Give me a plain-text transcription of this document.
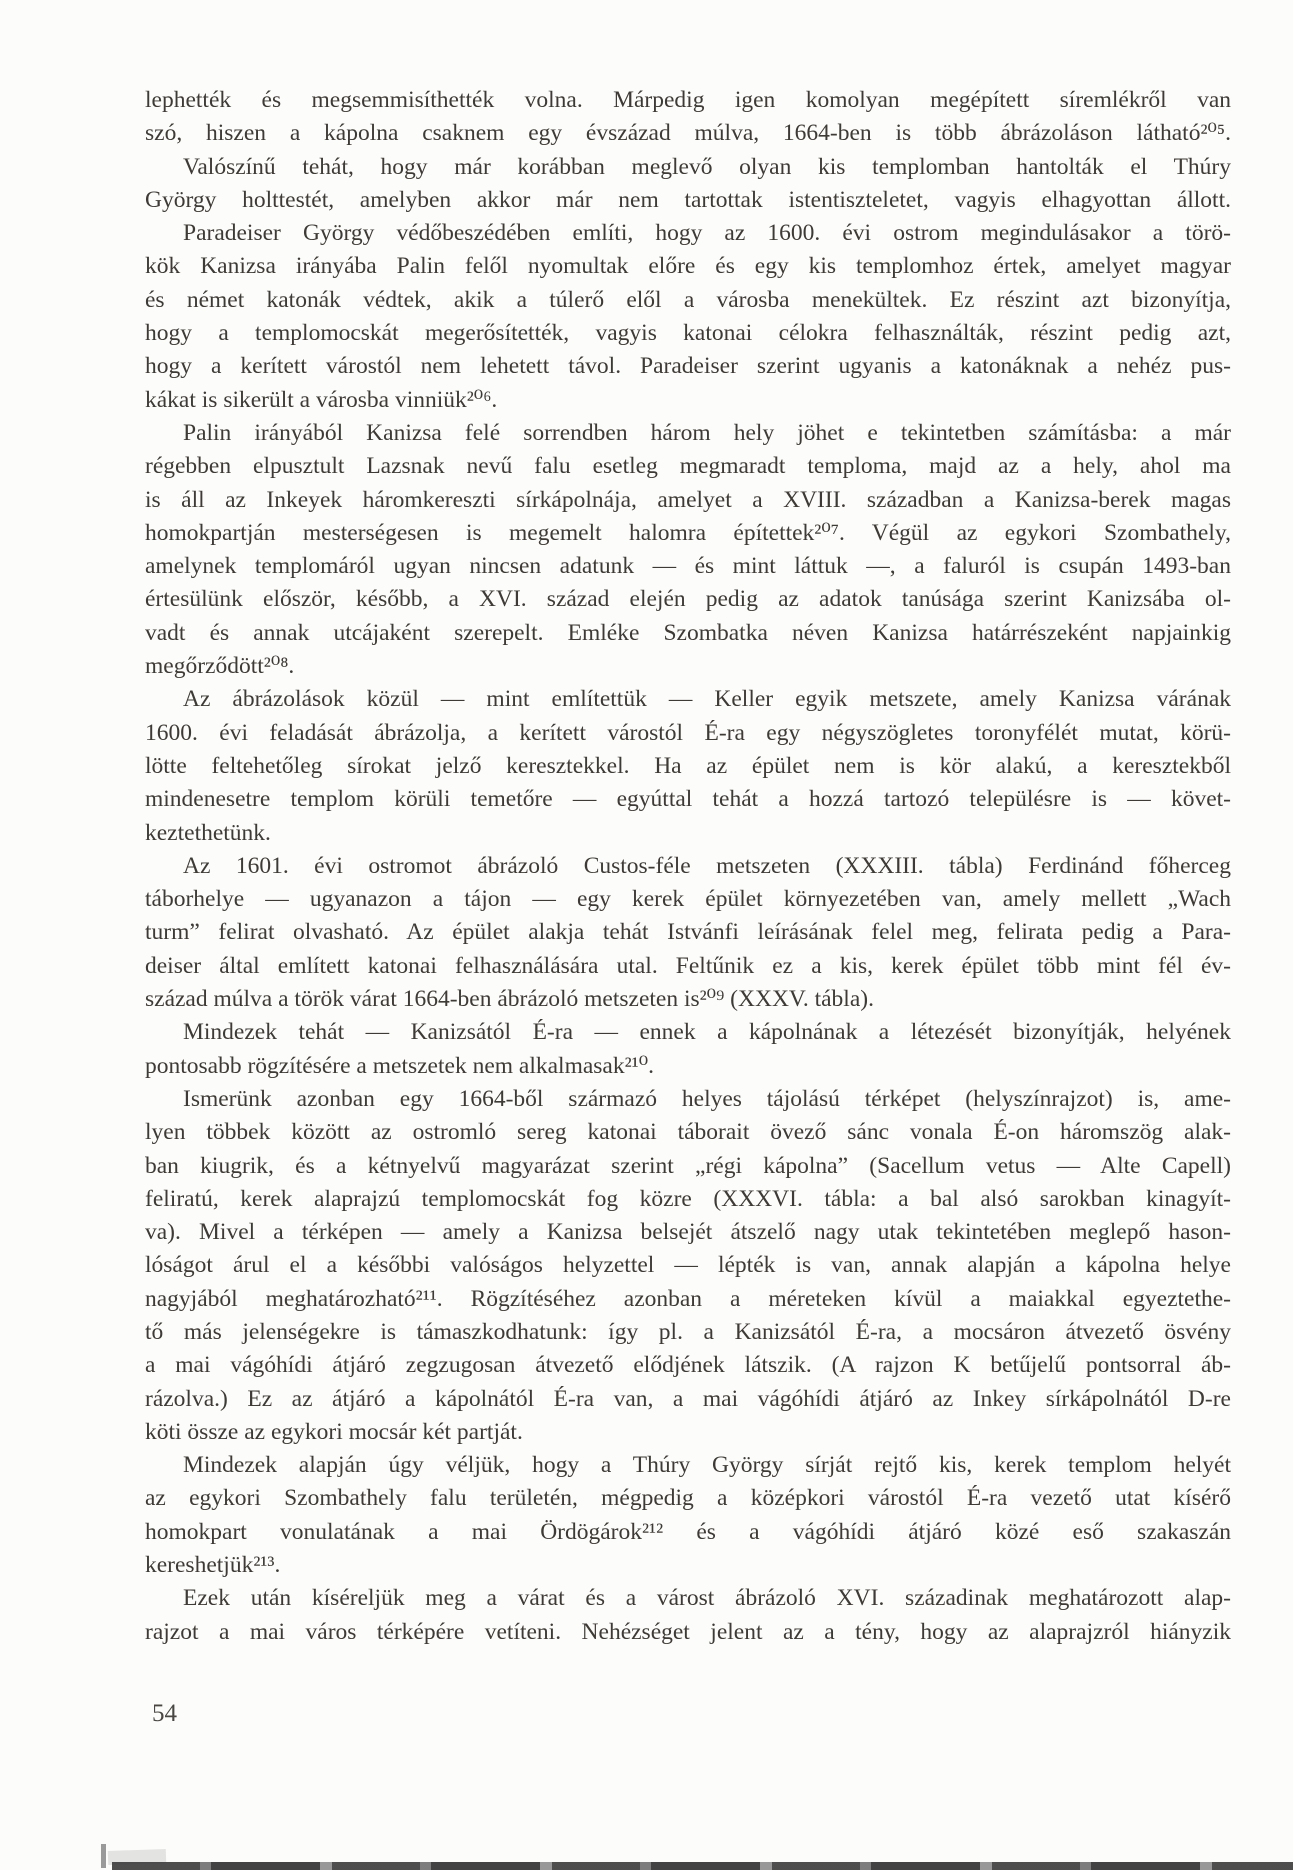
lephették és megsemmisíthették volna. Márpedig igen komolyan megépített síremlékről van
szó, hiszen a kápolna csaknem egy évszázad múlva, 1664-ben is több ábrázoláson látható²⁰⁵.
Valószínű tehát, hogy már korábban meglevő olyan kis templomban hantolták el Thúry
György holttestét, amelyben akkor már nem tartottak istentiszteletet, vagyis elhagyottan állott.
Paradeiser György védőbeszédében említi, hogy az 1600. évi ostrom megindulásakor a törö-
kök Kanizsa irányába Palin felől nyomultak előre és egy kis templomhoz értek, amelyet magyar
és német katonák védtek, akik a túlerő elől a városba menekültek. Ez részint azt bizonyítja,
hogy a templomocskát megerősítették, vagyis katonai célokra felhasználták, részint pedig azt,
hogy a kerített várostól nem lehetett távol. Paradeiser szerint ugyanis a katonáknak a nehéz pus-
kákat is sikerült a városba vinniük²⁰⁶.
Palin irányából Kanizsa felé sorrendben három hely jöhet e tekintetben számításba: a már
régebben elpusztult Lazsnak nevű falu esetleg megmaradt temploma, majd az a hely, ahol ma
is áll az Inkeyek háromkereszti sírkápolnája, amelyet a XVIII. században a Kanizsa-berek magas
homokpartján mesterségesen is megemelt halomra építettek²⁰⁷. Végül az egykori Szombathely,
amelynek templomáról ugyan nincsen adatunk — és mint láttuk —, a faluról is csupán 1493-ban
értesülünk először, később, a XVI. század elején pedig az adatok tanúsága szerint Kanizsába ol-
vadt és annak utcájaként szerepelt. Emléke Szombatka néven Kanizsa határrészeként napjainkig
megőrződött²⁰⁸.
Az ábrázolások közül — mint említettük — Keller egyik metszete, amely Kanizsa várának
1600. évi feladását ábrázolja, a kerített várostól É-ra egy négyszögletes toronyfélét mutat, körü-
lötte feltehetőleg sírokat jelző keresztekkel. Ha az épület nem is kör alakú, a keresztekből
mindenesetre templom körüli temetőre — egyúttal tehát a hozzá tartozó településre is — követ-
keztethetünk.
Az 1601. évi ostromot ábrázoló Custos-féle metszeten (XXXIII. tábla) Ferdinánd főherceg
táborhelye — ugyanazon a tájon — egy kerek épület környezetében van, amely mellett „Wach
turm” felirat olvasható. Az épület alakja tehát Istvánfi leírásának felel meg, felirata pedig a Para-
deiser által említett katonai felhasználására utal. Feltűnik ez a kis, kerek épület több mint fél év-
század múlva a török várat 1664-ben ábrázoló metszeten is²⁰⁹ (XXXV. tábla).
Mindezek tehát — Kanizsától É-ra — ennek a kápolnának a létezését bizonyítják, helyének
pontosabb rögzítésére a metszetek nem alkalmasak²¹⁰.
Ismerünk azonban egy 1664-ből származó helyes tájolású térképet (helyszínrajzot) is, ame-
lyen többek között az ostromló sereg katonai táborait övező sánc vonala É-on háromszög alak-
ban kiugrik, és a kétnyelvű magyarázat szerint „régi kápolna” (Sacellum vetus — Alte Capell)
feliratú, kerek alaprajzú templomocskát fog közre (XXXVI. tábla: a bal alsó sarokban kinagyít-
va). Mivel a térképen — amely a Kanizsa belsejét átszelő nagy utak tekintetében meglepő hason-
lóságot árul el a későbbi valóságos helyzettel — lépték is van, annak alapján a kápolna helye
nagyjából meghatározható²¹¹. Rögzítéséhez azonban a méreteken kívül a maiakkal egyeztethe-
tő más jelenségekre is támaszkodhatunk: így pl. a Kanizsától É-ra, a mocsáron átvezető ösvény
a mai vágóhídi átjáró zegzugosan átvezető elődjének látszik. (A rajzon K betűjelű pontsorral áb-
rázolva.) Ez az átjáró a kápolnától É-ra van, a mai vágóhídi átjáró az Inkey sírkápolnától D-re
köti össze az egykori mocsár két partját.
Mindezek alapján úgy véljük, hogy a Thúry György sírját rejtő kis, kerek templom helyét
az egykori Szombathely falu területén, mégpedig a középkori várostól É-ra vezető utat kísérő
homokpart vonulatának a mai Ördögárok²¹² és a vágóhídi átjáró közé eső szakaszán
kereshetjük²¹³.
Ezek után kíséreljük meg a várat és a várost ábrázoló XVI. századinak meghatározott alap-
rajzot a mai város térképére vetíteni. Nehézséget jelent az a tény, hogy az alaprajzról hiányzik
54
